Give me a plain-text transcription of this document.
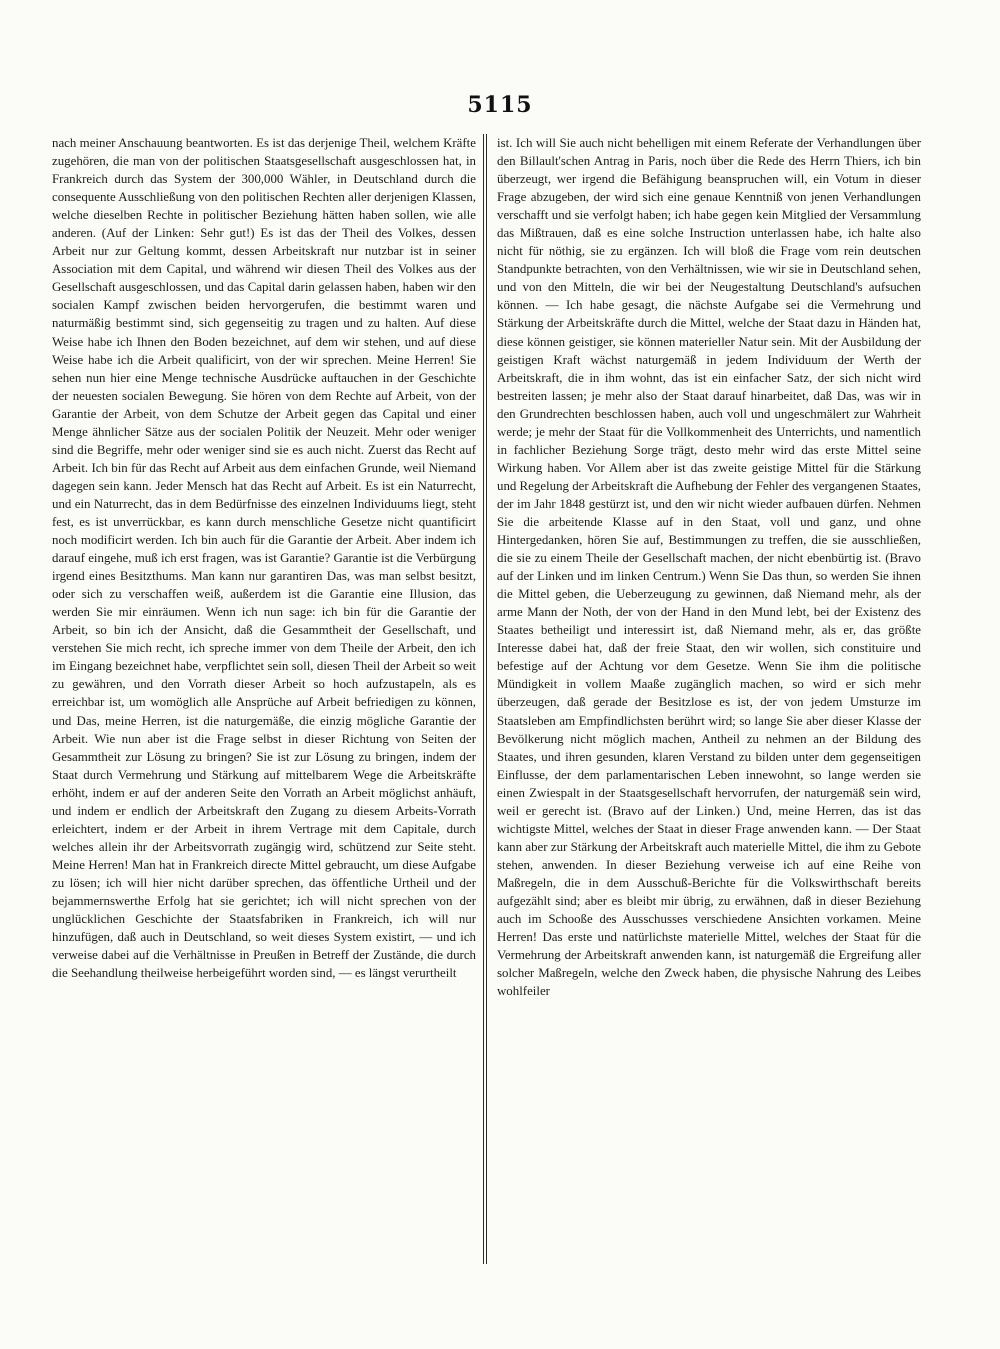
5115

nach meiner Anschauung beantworten. Es ist das derjenige Theil, welchem Kräfte zugehören, die man von der politischen Staatsgesellschaft ausgeschlossen hat, in Frankreich durch das System der 300,000 Wähler, in Deutschland durch die consequente Ausschließung von den politischen Rechten aller derjenigen Klassen, welche dieselben Rechte in politischer Beziehung hätten haben sollen, wie alle anderen. (Auf der Linken: Sehr gut!) Es ist das der Theil des Volkes, dessen Arbeit nur zur Geltung kommt, dessen Arbeitskraft nur nutzbar ist in seiner Association mit dem Capital, und während wir diesen Theil des Volkes aus der Gesellschaft ausgeschlossen, und das Capital darin gelassen haben, haben wir den socialen Kampf zwischen beiden hervorgerufen, die bestimmt waren und naturmäßig bestimmt sind, sich gegenseitig zu tragen und zu halten. Auf diese Weise habe ich Ihnen den Boden bezeichnet, auf dem wir stehen, und auf diese Weise habe ich die Arbeit qualificirt, von der wir sprechen. Meine Herren! Sie sehen nun hier eine Menge technische Ausdrücke auftauchen in der Geschichte der neuesten socialen Bewegung. Sie hören von dem Rechte auf Arbeit, von der Garantie der Arbeit, von dem Schutze der Arbeit gegen das Capital und einer Menge ähnlicher Sätze aus der socialen Politik der Neuzeit. Mehr oder weniger sind die Begriffe, mehr oder weniger sind sie es auch nicht. Zuerst das Recht auf Arbeit. Ich bin für das Recht auf Arbeit aus dem einfachen Grunde, weil Niemand dagegen sein kann. Jeder Mensch hat das Recht auf Arbeit. Es ist ein Naturrecht, und ein Naturrecht, das in dem Bedürfnisse des einzelnen Individuums liegt, steht fest, es ist unverrückbar, es kann durch menschliche Gesetze nicht quantificirt noch modificirt werden. Ich bin auch für die Garantie der Arbeit. Aber indem ich darauf eingehe, muß ich erst fragen, was ist Garantie? Garantie ist die Verbürgung irgend eines Besitzthums. Man kann nur garantiren Das, was man selbst besitzt, oder sich zu verschaffen weiß, außerdem ist die Garantie eine Illusion, das werden Sie mir einräumen. Wenn ich nun sage: ich bin für die Garantie der Arbeit, so bin ich der Ansicht, daß die Gesammtheit der Gesellschaft, und verstehen Sie mich recht, ich spreche immer von dem Theile der Arbeit, den ich im Eingang bezeichnet habe, verpflichtet sein soll, diesen Theil der Arbeit so weit zu gewähren, und den Vorrath dieser Arbeit so hoch aufzustapeln, als es erreichbar ist, um womöglich alle Ansprüche auf Arbeit befriedigen zu können, und Das, meine Herren, ist die naturgemäße, die einzig mögliche Garantie der Arbeit. Wie nun aber ist die Frage selbst in dieser Richtung von Seiten der Gesammtheit zur Lösung zu bringen? Sie ist zur Lösung zu bringen, indem der Staat durch Vermehrung und Stärkung auf mittelbarem Wege die Arbeitskräfte erhöht, indem er auf der anderen Seite den Vorrath an Arbeit möglichst anhäuft, und indem er endlich der Arbeitskraft den Zugang zu diesem Arbeits-Vorrath erleichtert, indem er der Arbeit in ihrem Vertrage mit dem Capitale, durch welches allein ihr der Arbeitsvorrath zugängig wird, schützend zur Seite steht. Meine Herren! Man hat in Frankreich directe Mittel gebraucht, um diese Aufgabe zu lösen; ich will hier nicht darüber sprechen, das öffentliche Urtheil und der bejammernswerthe Erfolg hat sie gerichtet; ich will nicht sprechen von der unglücklichen Geschichte der Staatsfabriken in Frankreich, ich will nur hinzufügen, daß auch in Deutschland, so weit dieses System existirt, — und ich verweise dabei auf die Verhältnisse in Preußen in Betreff der Zustände, die durch die Seehandlung theilweise herbeigeführt worden sind, — es längst verurtheilt

ist. Ich will Sie auch nicht behelligen mit einem Referate der Verhandlungen über den Billault'schen Antrag in Paris, noch über die Rede des Herrn Thiers, ich bin überzeugt, wer irgend die Befähigung beanspruchen will, ein Votum in dieser Frage abzugeben, der wird sich eine genaue Kenntniß von jenen Verhandlungen verschafft und sie verfolgt haben; ich habe gegen kein Mitglied der Versammlung das Mißtrauen, daß es eine solche Instruction unterlassen habe, ich halte also nicht für nöthig, sie zu ergänzen. Ich will bloß die Frage vom rein deutschen Standpunkte betrachten, von den Verhältnissen, wie wir sie in Deutschland sehen, und von den Mitteln, die wir bei der Neugestaltung Deutschland's aufsuchen können. — Ich habe gesagt, die nächste Aufgabe sei die Vermehrung und Stärkung der Arbeitskräfte durch die Mittel, welche der Staat dazu in Händen hat, diese können geistiger, sie können materieller Natur sein. Mit der Ausbildung der geistigen Kraft wächst naturgemäß in jedem Individuum der Werth der Arbeitskraft, die in ihm wohnt, das ist ein einfacher Satz, der sich nicht wird bestreiten lassen; je mehr also der Staat darauf hinarbeitet, daß Das, was wir in den Grundrechten beschlossen haben, auch voll und ungeschmälert zur Wahrheit werde; je mehr der Staat für die Vollkommenheit des Unterrichts, und namentlich in fachlicher Beziehung Sorge trägt, desto mehr wird das erste Mittel seine Wirkung haben. Vor Allem aber ist das zweite geistige Mittel für die Stärkung und Regelung der Arbeitskraft die Aufhebung der Fehler des vergangenen Staates, der im Jahr 1848 gestürzt ist, und den wir nicht wieder aufbauen dürfen. Nehmen Sie die arbeitende Klasse auf in den Staat, voll und ganz, und ohne Hintergedanken, hören Sie auf, Bestimmungen zu treffen, die sie ausschließen, die sie zu einem Theile der Gesellschaft machen, der nicht ebenbürtig ist. (Bravo auf der Linken und im linken Centrum.) Wenn Sie Das thun, so werden Sie ihnen die Mittel geben, die Ueberzeugung zu gewinnen, daß Niemand mehr, als der arme Mann der Noth, der von der Hand in den Mund lebt, bei der Existenz des Staates betheiligt und interessirt ist, daß Niemand mehr, als er, das größte Interesse dabei hat, daß der freie Staat, den wir wollen, sich constituire und befestige auf der Achtung vor dem Gesetze. Wenn Sie ihm die politische Mündigkeit in vollem Maaße zugänglich machen, so wird er sich mehr überzeugen, daß gerade der Besitzlose es ist, der von jedem Umsturze im Staatsleben am Empfindlichsten berührt wird; so lange Sie aber dieser Klasse der Bevölkerung nicht möglich machen, Antheil zu nehmen an der Bildung des Staates, und ihren gesunden, klaren Verstand zu bilden unter dem gegenseitigen Einflusse, der dem parlamentarischen Leben innewohnt, so lange werden sie einen Zwiespalt in der Staatsgesellschaft hervorrufen, der naturgemäß sein wird, weil er gerecht ist. (Bravo auf der Linken.) Und, meine Herren, das ist das wichtigste Mittel, welches der Staat in dieser Frage anwenden kann. — Der Staat kann aber zur Stärkung der Arbeitskraft auch materielle Mittel, die ihm zu Gebote stehen, anwenden. In dieser Beziehung verweise ich auf eine Reihe von Maßregeln, die in dem Ausschuß-Berichte für die Volkswirthschaft bereits aufgezählt sind; aber es bleibt mir übrig, zu erwähnen, daß in dieser Beziehung auch im Schooße des Ausschusses verschiedene Ansichten vorkamen. Meine Herren! Das erste und natürlichste materielle Mittel, welches der Staat für die Vermehrung der Arbeitskraft anwenden kann, ist naturgemäß die Ergreifung aller solcher Maßregeln, welche den Zweck haben, die physische Nahrung des Leibes wohlfeiler
